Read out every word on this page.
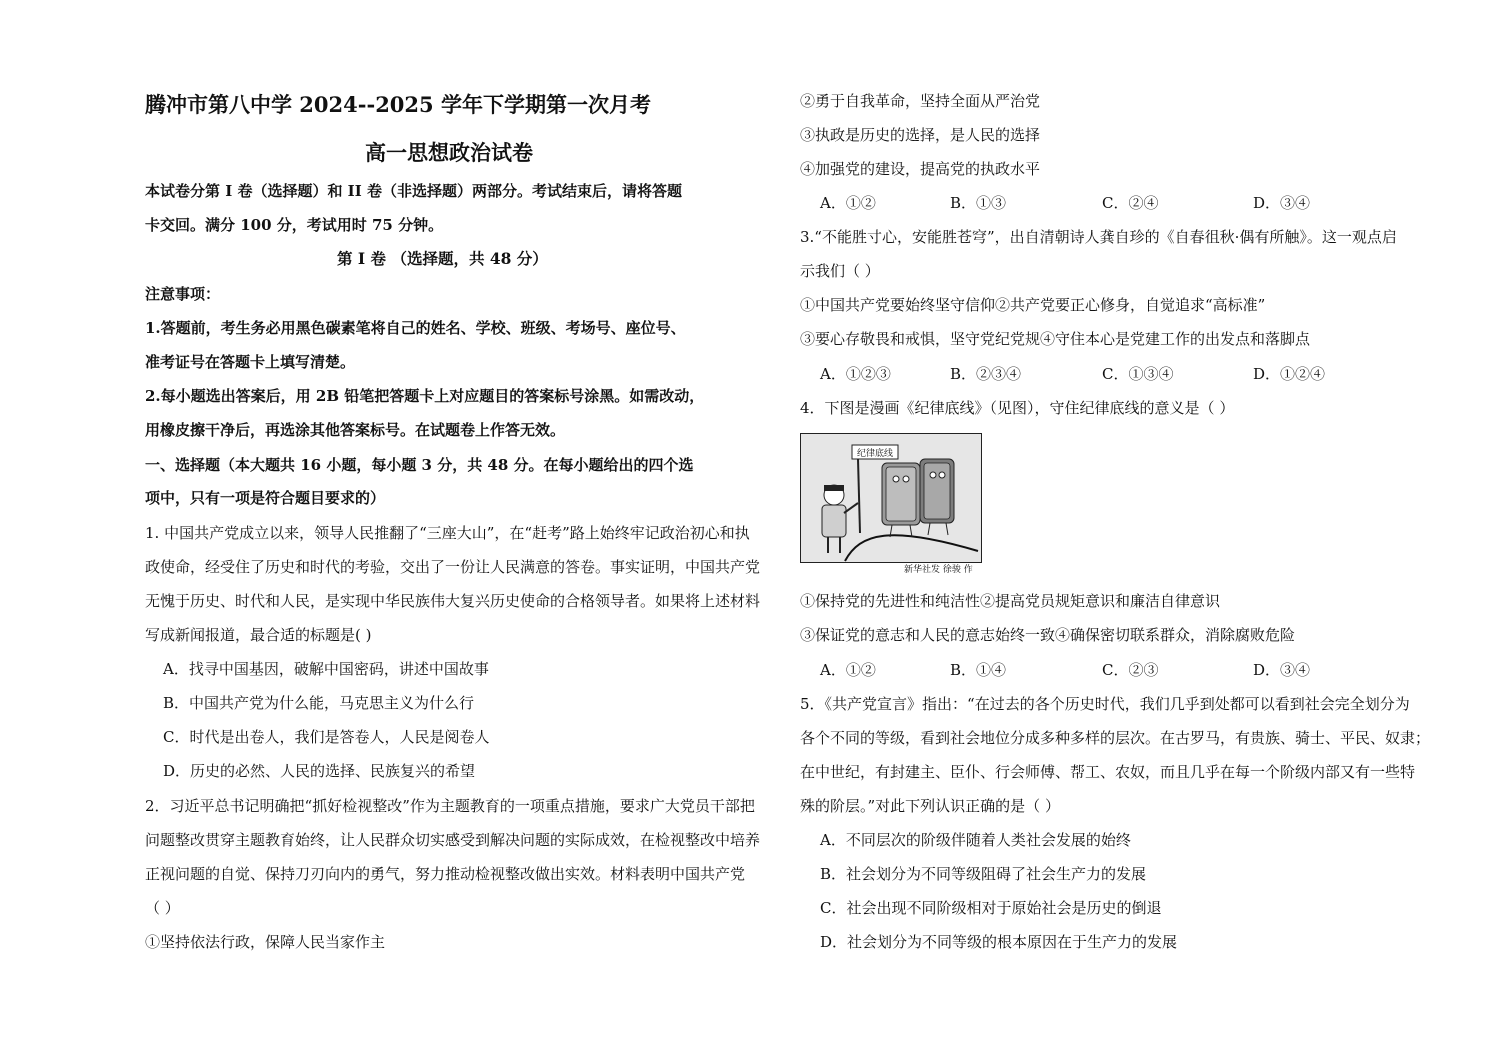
腾冲市第八中学 2024--2025 学年下学期第一次月考
高一思想政治试卷
本试卷分第 I 卷（选择题）和 II 卷（非选择题）两部分。考试结束后，请将答题
卡交回。满分 100 分，考试用时 75 分钟。
第 I 卷 （选择题，共 48 分）
注意事项：
1.答题前，考生务必用黑色碳素笔将自己的姓名、学校、班级、考场号、座位号、
准考证号在答题卡上填写清楚。
2.每小题选出答案后，用 2B 铅笔把答题卡上对应题目的答案标号涂黑。如需改动，
用橡皮擦干净后，再选涂其他答案标号。在试题卷上作答无效。
一、选择题（本大题共 16 小题，每小题 3 分，共 48 分。在每小题给出的四个选
项中，只有一项是符合题目要求的）
1. 中国共产党成立以来，领导人民推翻了“三座大山”，在“赶考”路上始终牢记政治初心和执
政使命，经受住了历史和时代的考验，交出了一份让人民满意的答卷。事实证明，中国共产党
无愧于历史、时代和人民，是实现中华民族伟大复兴历史使命的合格领导者。如果将上述材料
写成新闻报道，最合适的标题是( )
A．找寻中国基因，破解中国密码，讲述中国故事
B．中国共产党为什么能，马克思主义为什么行
C．时代是出卷人，我们是答卷人，人民是阅卷人
D．历史的必然、人民的选择、民族复兴的希望
2．习近平总书记明确把“抓好检视整改”作为主题教育的一项重点措施，要求广大党员干部把
问题整改贯穿主题教育始终，让人民群众切实感受到解决问题的实际成效，在检视整改中培养
正视问题的自觉、保持刀刃向内的勇气，努力推动检视整改做出实效。材料表明中国共产党
（ ）
①坚持依法行政，保障人民当家作主
②勇于自我革命，坚持全面从严治党
③执政是历史的选择，是人民的选择
④加强党的建设，提高党的执政水平
A．①②	B．①③	C．②④	D．③④
3.“不能胜寸心，安能胜苍穹”，出自清朝诗人龚自珍的《自春徂秋·偶有所触》。这一观点启
示我们（ ）
①中国共产党要始终坚守信仰②共产党要正心修身，自觉追求“高标准”
③要心存敬畏和戒惧，坚守党纪党规④守住本心是党建工作的出发点和落脚点
A．①②③	B．②③④	C．①③④	D．①②④
4．下图是漫画《纪律底线》（见图），守住纪律底线的意义是（ ）
纪律底线
新华社发 徐骏 作
①保持党的先进性和纯洁性②提高党员规矩意识和廉洁自律意识
③保证党的意志和人民的意志始终一致④确保密切联系群众，消除腐败危险
A．①②	B．①④	C．②③	D．③④
5．《共产党宣言》指出：“在过去的各个历史时代，我们几乎到处都可以看到社会完全划分为
各个不同的等级，看到社会地位分成多种多样的层次。在古罗马，有贵族、骑士、平民、奴隶；
在中世纪，有封建主、臣仆、行会师傅、帮工、农奴，而且几乎在每一个阶级内部又有一些特
殊的阶层。”对此下列认识正确的是（ ）
A．不同层次的阶级伴随着人类社会发展的始终
B．社会划分为不同等级阻碍了社会生产力的发展
C．社会出现不同阶级相对于原始社会是历史的倒退
D．社会划分为不同等级的根本原因在于生产力的发展
